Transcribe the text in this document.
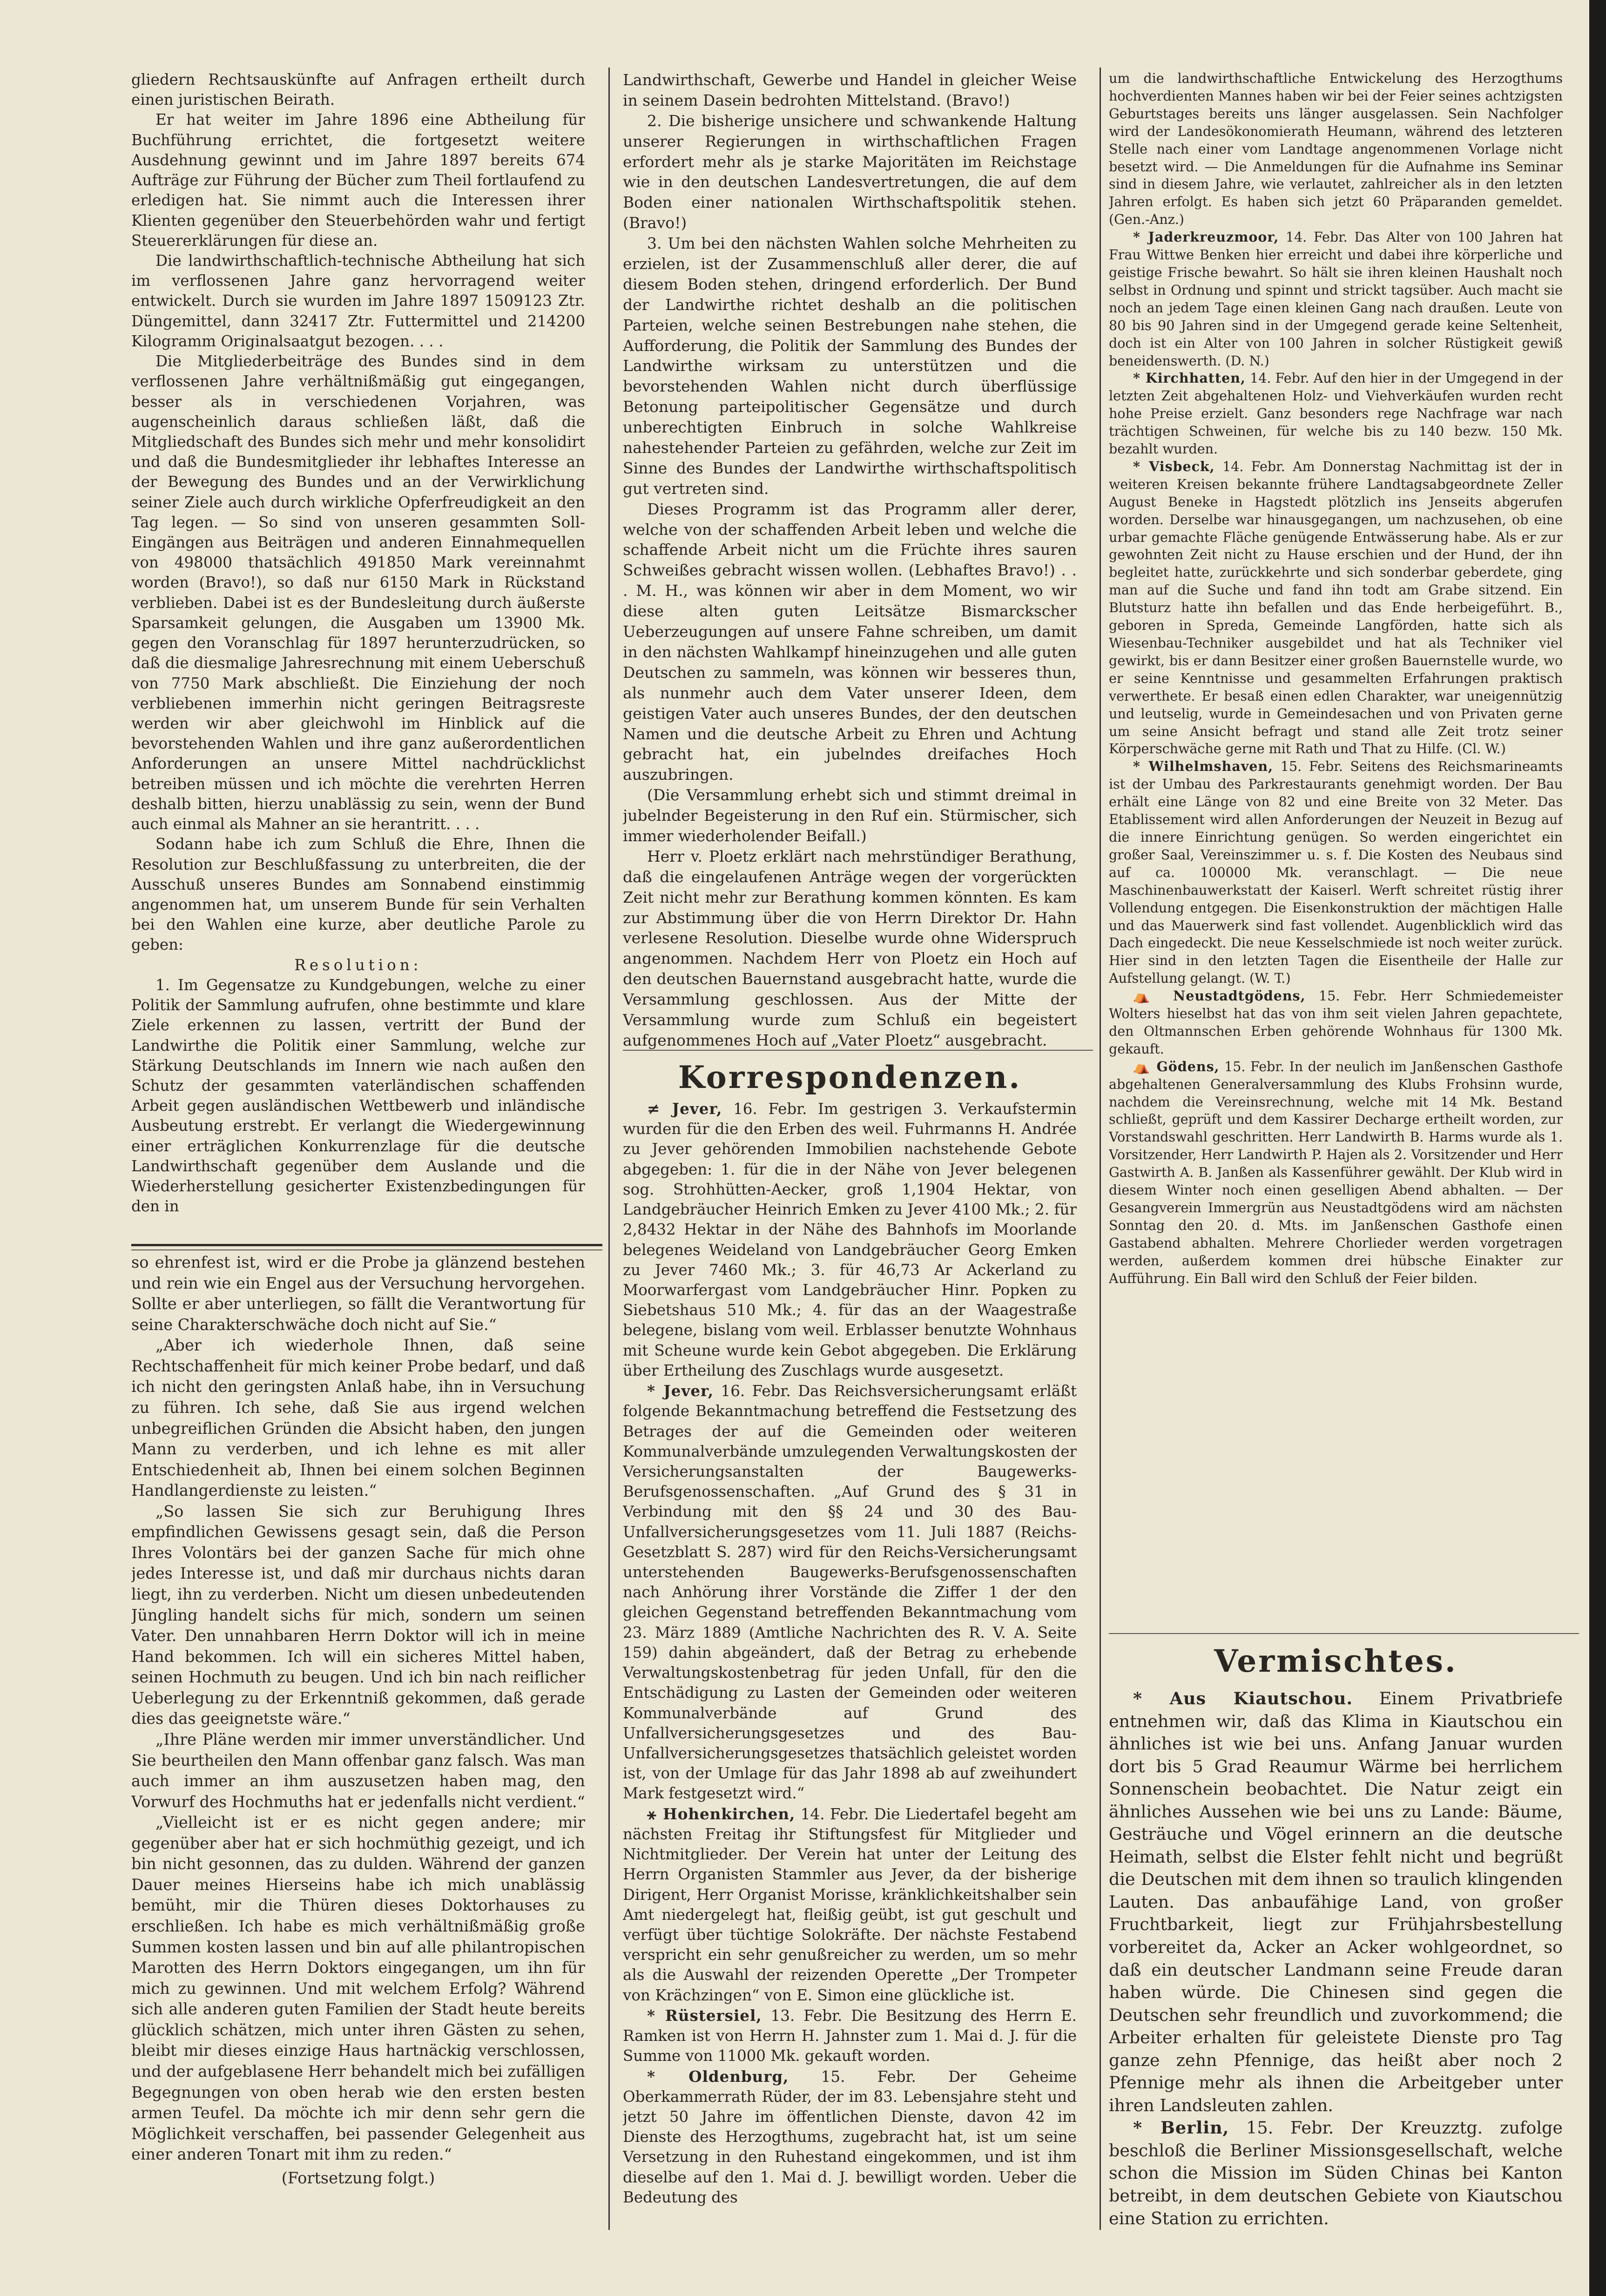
gliedern Rechtsauskünfte auf Anfragen ertheilt durch einen juristischen Beirath.

Er hat weiter im Jahre 1896 eine Abtheilung für Buchführung errichtet, die fortgesetzt weitere Ausdehnung gewinnt und im Jahre 1897 bereits 674 Aufträge zur Führung der Bücher zum Theil fortlaufend zu erledigen hat. Sie nimmt auch die Interessen ihrer Klienten gegenüber den Steuerbehörden wahr und fertigt Steuererklärungen für diese an.

Die landwirthschaftlich-technische Abtheilung hat sich im verflossenen Jahre ganz hervorragend weiter entwickelt. Durch sie wurden im Jahre 1897 1509123 Ztr. Düngemittel, dann 32417 Ztr. Futtermittel und 214200 Kilogramm Originalsaatgut bezogen. . . .

Die Mitgliederbeiträge des Bundes sind in dem verflossenen Jahre verhältnißmäßig gut eingegangen, besser als in verschiedenen Vorjahren, was augenscheinlich daraus schließen läßt, daß die Mitgliedschaft des Bundes sich mehr und mehr konsolidirt und daß die Bundesmitglieder ihr lebhaftes Interesse an der Bewegung des Bundes und an der Verwirklichung seiner Ziele auch durch wirkliche Opferfreudigkeit an den Tag legen. — So sind von unseren gesammten Soll-Eingängen aus Beiträgen und anderen Einnahmequellen von 498000 thatsächlich 491850 Mark vereinnahmt worden (Bravo!), so daß nur 6150 Mark in Rückstand verblieben. Dabei ist es der Bundesleitung durch äußerste Sparsamkeit gelungen, die Ausgaben um 13900 Mk. gegen den Voranschlag für 1897 herunterzudrücken, so daß die diesmalige Jahresrechnung mit einem Ueberschuß von 7750 Mark abschließt. Die Einziehung der noch verbliebenen immerhin nicht geringen Beitragsreste werden wir aber gleichwohl im Hinblick auf die bevorstehenden Wahlen und ihre ganz außerordentlichen Anforderungen an unsere Mittel nachdrücklichst betreiben müssen und ich möchte die verehrten Herren deshalb bitten, hierzu unablässig zu sein, wenn der Bund auch einmal als Mahner an sie herantritt. . . .

Sodann habe ich zum Schluß die Ehre, Ihnen die Resolution zur Beschlußfassung zu unterbreiten, die der Ausschuß unseres Bundes am Sonnabend einstimmig angenommen hat, um unserem Bunde für sein Verhalten bei den Wahlen eine kurze, aber deutliche Parole zu geben:

Resolution:

1. Im Gegensatze zu Kundgebungen, welche zu einer Politik der Sammlung aufrufen, ohne bestimmte und klare Ziele erkennen zu lassen, vertritt der Bund der Landwirthe die Politik einer Sammlung, welche zur Stärkung Deutschlands im Innern wie nach außen den Schutz der gesammten vaterländischen schaffenden Arbeit gegen ausländischen Wettbewerb und inländische Ausbeutung erstrebt. Er verlangt die Wiedergewinnung einer erträglichen Konkurrenzlage für die deutsche Landwirthschaft gegenüber dem Auslande und die Wiederherstellung gesicherter Existenzbedingungen für den in

so ehrenfest ist, wird er die Probe ja glänzend bestehen und rein wie ein Engel aus der Versuchung hervorgehen. Sollte er aber unterliegen, so fällt die Verantwortung für seine Charakterschwäche doch nicht auf Sie.“

„Aber ich wiederhole Ihnen, daß seine Rechtschaffenheit für mich keiner Probe bedarf, und daß ich nicht den geringsten Anlaß habe, ihn in Versuchung zu führen. Ich sehe, daß Sie aus irgend welchen unbegreiflichen Gründen die Absicht haben, den jungen Mann zu verderben, und ich lehne es mit aller Entschiedenheit ab, Ihnen bei einem solchen Beginnen Handlangerdienste zu leisten.“

„So lassen Sie sich zur Beruhigung Ihres empfindlichen Gewissens gesagt sein, daß die Person Ihres Volontärs bei der ganzen Sache für mich ohne jedes Interesse ist, und daß mir durchaus nichts daran liegt, ihn zu verderben. Nicht um diesen unbedeutenden Jüngling handelt sichs für mich, sondern um seinen Vater. Den unnahbaren Herrn Doktor will ich in meine Hand bekommen. Ich will ein sicheres Mittel haben, seinen Hochmuth zu beugen. Und ich bin nach reiflicher Ueberlegung zu der Erkenntniß gekommen, daß gerade dies das geeignetste wäre.“

„Ihre Pläne werden mir immer unverständlicher. Und Sie beurtheilen den Mann offenbar ganz falsch. Was man auch immer an ihm auszusetzen haben mag, den Vorwurf des Hochmuths hat er jedenfalls nicht verdient.“

„Vielleicht ist er es nicht gegen andere; mir gegenüber aber hat er sich hochmüthig gezeigt, und ich bin nicht gesonnen, das zu dulden. Während der ganzen Dauer meines Hierseins habe ich mich unablässig bemüht, mir die Thüren dieses Doktorhauses zu erschließen. Ich habe es mich verhältnißmäßig große Summen kosten lassen und bin auf alle philantropischen Marotten des Herrn Doktors eingegangen, um ihn für mich zu gewinnen. Und mit welchem Erfolg? Während sich alle anderen guten Familien der Stadt heute bereits glücklich schätzen, mich unter ihren Gästen zu sehen, bleibt mir dieses einzige Haus hartnäckig verschlossen, und der aufgeblasene Herr behandelt mich bei zufälligen Begegnungen von oben herab wie den ersten besten armen Teufel. Da möchte ich mir denn sehr gern die Möglichkeit verschaffen, bei passender Gelegenheit aus einer anderen Tonart mit ihm zu reden.“

(Fortsetzung folgt.)

Landwirthschaft, Gewerbe und Handel in gleicher Weise in seinem Dasein bedrohten Mittelstand. (Bravo!)

2. Die bisherige unsichere und schwankende Haltung unserer Regierungen in wirthschaftlichen Fragen erfordert mehr als je starke Majoritäten im Reichstage wie in den deutschen Landesvertretungen, die auf dem Boden einer nationalen Wirthschaftspolitik stehen. (Bravo!)

3. Um bei den nächsten Wahlen solche Mehrheiten zu erzielen, ist der Zusammenschluß aller derer, die auf diesem Boden stehen, dringend erforderlich. Der Bund der Landwirthe richtet deshalb an die politischen Parteien, welche seinen Bestrebungen nahe stehen, die Aufforderung, die Politik der Sammlung des Bundes der Landwirthe wirksam zu unterstützen und die bevorstehenden Wahlen nicht durch überflüssige Betonung parteipolitischer Gegensätze und durch unberechtigten Einbruch in solche Wahlkreise nahestehender Parteien zu gefährden, welche zur Zeit im Sinne des Bundes der Landwirthe wirthschaftspolitisch gut vertreten sind.

Dieses Programm ist das Programm aller derer, welche von der schaffenden Arbeit leben und welche die schaffende Arbeit nicht um die Früchte ihres sauren Schweißes gebracht wissen wollen. (Lebhaftes Bravo!) . . . M. H., was können wir aber in dem Moment, wo wir diese alten guten Leitsätze Bismarckscher Ueberzeugungen auf unsere Fahne schreiben, um damit in den nächsten Wahlkampf hineinzugehen und alle guten Deutschen zu sammeln, was können wir besseres thun, als nunmehr auch dem Vater unserer Ideen, dem geistigen Vater auch unseres Bundes, der den deutschen Namen und die deutsche Arbeit zu Ehren und Achtung gebracht hat, ein jubelndes dreifaches Hoch auszubringen.

(Die Versammlung erhebt sich und stimmt dreimal in jubelnder Begeisterung in den Ruf ein. Stürmischer, sich immer wiederholender Beifall.)

Herr v. Ploetz erklärt nach mehrstündiger Berathung, daß die eingelaufenen Anträge wegen der vorgerückten Zeit nicht mehr zur Berathung kommen könnten. Es kam zur Abstimmung über die von Herrn Direktor Dr. Hahn verlesene Resolution. Dieselbe wurde ohne Widerspruch angenommen. Nachdem Herr von Ploetz ein Hoch auf den deutschen Bauernstand ausgebracht hatte, wurde die Versammlung geschlossen. Aus der Mitte der Versammlung wurde zum Schluß ein begeistert aufgenommenes Hoch auf „Vater Ploetz“ ausgebracht.

Korrespondenzen.

≠ Jever, 16. Febr. Im gestrigen 3. Verkaufstermin wurden für die den Erben des weil. Fuhrmanns H. Andrée zu Jever gehörenden Immobilien nachstehende Gebote abgegeben: 1. für die in der Nähe von Jever belegenen sog. Strohhütten-Aecker, groß 1,1904 Hektar, von Landgebräucher Heinrich Emken zu Jever 4100 Mk.; 2. für 2,8432 Hektar in der Nähe des Bahnhofs im Moorlande belegenes Weideland von Landgebräucher Georg Emken zu Jever 7460 Mk.; 3. für 46,73 Ar Ackerland zu Moorwarfergast vom Landgebräucher Hinr. Popken zu Siebetshaus 510 Mk.; 4. für das an der Waagestraße belegene, bislang vom weil. Erblasser benutzte Wohnhaus mit Scheune wurde kein Gebot abgegeben. Die Erklärung über Ertheilung des Zuschlags wurde ausgesetzt.

* Jever, 16. Febr. Das Reichsversicherungsamt erläßt folgende Bekanntmachung betreffend die Festsetzung des Betrages der auf die Gemeinden oder weiteren Kommunalverbände umzulegenden Verwaltungskosten der Versicherungsanstalten der Baugewerks-Berufsgenossenschaften. „Auf Grund des § 31 in Verbindung mit den §§ 24 und 30 des Bau-Unfallversicherungsgesetzes vom 11. Juli 1887 (Reichs-Gesetzblatt S. 287) wird für den Reichs-Versicherungsamt unterstehenden Baugewerks-Berufsgenossenschaften nach Anhörung ihrer Vorstände die Ziffer 1 der den gleichen Gegenstand betreffenden Bekanntmachung vom 23. März 1889 (Amtliche Nachrichten des R. V. A. Seite 159) dahin abgeändert, daß der Betrag zu erhebende Verwaltungskostenbetrag für jeden Unfall, für den die Entschädigung zu Lasten der Gemeinden oder weiteren Kommunalverbände auf Grund des Unfallversicherungsgesetzes und des Bau-Unfallversicherungsgesetzes thatsächlich geleistet worden ist, von der Umlage für das Jahr 1898 ab auf zweihundert Mark festgesetzt wird.“

⚹ Hohenkirchen, 14. Febr. Die Liedertafel begeht am nächsten Freitag ihr Stiftungsfest für Mitglieder und Nichtmitglieder. Der Verein hat unter der Leitung des Herrn Organisten Stammler aus Jever, da der bisherige Dirigent, Herr Organist Morisse, kränklichkeitshalber sein Amt niedergelegt hat, fleißig geübt, ist gut geschult und verfügt über tüchtige Solokräfte. Der nächste Festabend verspricht ein sehr genußreicher zu werden, um so mehr als die Auswahl der reizenden Operette „Der Trompeter von Krächzingen“ von E. Simon eine glückliche ist.

* Rüstersiel, 13. Febr. Die Besitzung des Herrn E. Ramken ist von Herrn H. Jahnster zum 1. Mai d. J. für die Summe von 11000 Mk. gekauft worden.

* Oldenburg, 15. Febr. Der Geheime Oberkammerrath Rüder, der im 83. Lebensjahre steht und jetzt 50 Jahre im öffentlichen Dienste, davon 42 im Dienste des Herzogthums, zugebracht hat, ist um seine Versetzung in den Ruhestand eingekommen, und ist ihm dieselbe auf den 1. Mai d. J. bewilligt worden. Ueber die Bedeutung des

um die landwirthschaftliche Entwickelung des Herzogthums hochverdienten Mannes haben wir bei der Feier seines achtzigsten Geburtstages bereits uns länger ausgelassen. Sein Nachfolger wird der Landesökonomierath Heumann, während des letzteren Stelle nach einer vom Landtage angenommenen Vorlage nicht besetzt wird. — Die Anmeldungen für die Aufnahme ins Seminar sind in diesem Jahre, wie verlautet, zahlreicher als in den letzten Jahren erfolgt. Es haben sich jetzt 60 Präparanden gemeldet. (Gen.-Anz.)

* Jaderkreuzmoor, 14. Febr. Das Alter von 100 Jahren hat Frau Wittwe Benken hier erreicht und dabei ihre körperliche und geistige Frische bewahrt. So hält sie ihren kleinen Haushalt noch selbst in Ordnung und spinnt und strickt tagsüber. Auch macht sie noch an jedem Tage einen kleinen Gang nach draußen. Leute von 80 bis 90 Jahren sind in der Umgegend gerade keine Seltenheit, doch ist ein Alter von 100 Jahren in solcher Rüstigkeit gewiß beneidenswerth. (D. N.)

* Kirchhatten, 14. Febr. Auf den hier in der Umgegend in der letzten Zeit abgehaltenen Holz- und Viehverkäufen wurden recht hohe Preise erzielt. Ganz besonders rege Nachfrage war nach trächtigen Schweinen, für welche bis zu 140 bezw. 150 Mk. bezahlt wurden.

* Visbeck, 14. Febr. Am Donnerstag Nachmittag ist der in weiteren Kreisen bekannte frühere Landtagsabgeordnete Zeller August Beneke in Hagstedt plötzlich ins Jenseits abgerufen worden. Derselbe war hinausgegangen, um nachzusehen, ob eine urbar gemachte Fläche genügende Entwässerung habe. Als er zur gewohnten Zeit nicht zu Hause erschien und der Hund, der ihn begleitet hatte, zurückkehrte und sich sonderbar geberdete, ging man auf die Suche und fand ihn todt am Grabe sitzend. Ein Blutsturz hatte ihn befallen und das Ende herbeigeführt. B., geboren in Spreda, Gemeinde Langförden, hatte sich als Wiesenbau-Techniker ausgebildet und hat als Techniker viel gewirkt, bis er dann Besitzer einer großen Bauernstelle wurde, wo er seine Kenntnisse und gesammelten Erfahrungen praktisch verwerthete. Er besaß einen edlen Charakter, war uneigennützig und leutselig, wurde in Gemeindesachen und von Privaten gerne um seine Ansicht befragt und stand alle Zeit trotz seiner Körperschwäche gerne mit Rath und That zu Hilfe. (Cl. W.)

* Wilhelmshaven, 15. Febr. Seitens des Reichsmarineamts ist der Umbau des Parkrestaurants genehmigt worden. Der Bau erhält eine Länge von 82 und eine Breite von 32 Meter. Das Etablissement wird allen Anforderungen der Neuzeit in Bezug auf die innere Einrichtung genügen. So werden eingerichtet ein großer Saal, Vereinszimmer u. s. f. Die Kosten des Neubaus sind auf ca. 100000 Mk. veranschlagt. — Die neue Maschinenbauwerkstatt der Kaiserl. Werft schreitet rüstig ihrer Vollendung entgegen. Die Eisenkonstruktion der mächtigen Halle und das Mauerwerk sind fast vollendet. Augenblicklich wird das Dach eingedeckt. Die neue Kesselschmiede ist noch weiter zurück. Hier sind in den letzten Tagen die Eisentheile der Halle zur Aufstellung gelangt. (W. T.)

⛺ Neustadtgödens, 15. Febr. Herr Schmiedemeister Wolters hieselbst hat das von ihm seit vielen Jahren gepachtete, den Oltmannschen Erben gehörende Wohnhaus für 1300 Mk. gekauft.

⛺ Gödens, 15. Febr. In der neulich im Janßenschen Gasthofe abgehaltenen Generalversammlung des Klubs Frohsinn wurde, nachdem die Vereinsrechnung, welche mit 14 Mk. Bestand schließt, geprüft und dem Kassirer Decharge ertheilt worden, zur Vorstandswahl geschritten. Herr Landwirth B. Harms wurde als 1. Vorsitzender, Herr Landwirth P. Hajen als 2. Vorsitzender und Herr Gastwirth A. B. Janßen als Kassenführer gewählt. Der Klub wird in diesem Winter noch einen geselligen Abend abhalten. — Der Gesangverein Immergrün aus Neustadtgödens wird am nächsten Sonntag den 20. d. Mts. im Janßenschen Gasthofe einen Gastabend abhalten. Mehrere Chorlieder werden vorgetragen werden, außerdem kommen drei hübsche Einakter zur Aufführung. Ein Ball wird den Schluß der Feier bilden.

Vermischtes.

* Aus Kiautschou. Einem Privatbriefe entnehmen wir, daß das Klima in Kiautschou ein ähnliches ist wie bei uns. Anfang Januar wurden dort bis 5 Grad Reaumur Wärme bei herrlichem Sonnenschein beobachtet. Die Natur zeigt ein ähnliches Aussehen wie bei uns zu Lande: Bäume, Gesträuche und Vögel erinnern an die deutsche Heimath, selbst die Elster fehlt nicht und begrüßt die Deutschen mit dem ihnen so traulich klingenden Lauten. Das anbaufähige Land, von großer Fruchtbarkeit, liegt zur Frühjahrsbestellung vorbereitet da, Acker an Acker wohlgeordnet, so daß ein deutscher Landmann seine Freude daran haben würde. Die Chinesen sind gegen die Deutschen sehr freundlich und zuvorkommend; die Arbeiter erhalten für geleistete Dienste pro Tag ganze zehn Pfennige, das heißt aber noch 2 Pfennige mehr als ihnen die Arbeitgeber unter ihren Landsleuten zahlen.

* Berlin, 15. Febr. Der Kreuzztg. zufolge beschloß die Berliner Missionsgesellschaft, welche schon die Mission im Süden Chinas bei Kanton betreibt, in dem deutschen Gebiete von Kiautschou eine Station zu errichten.
